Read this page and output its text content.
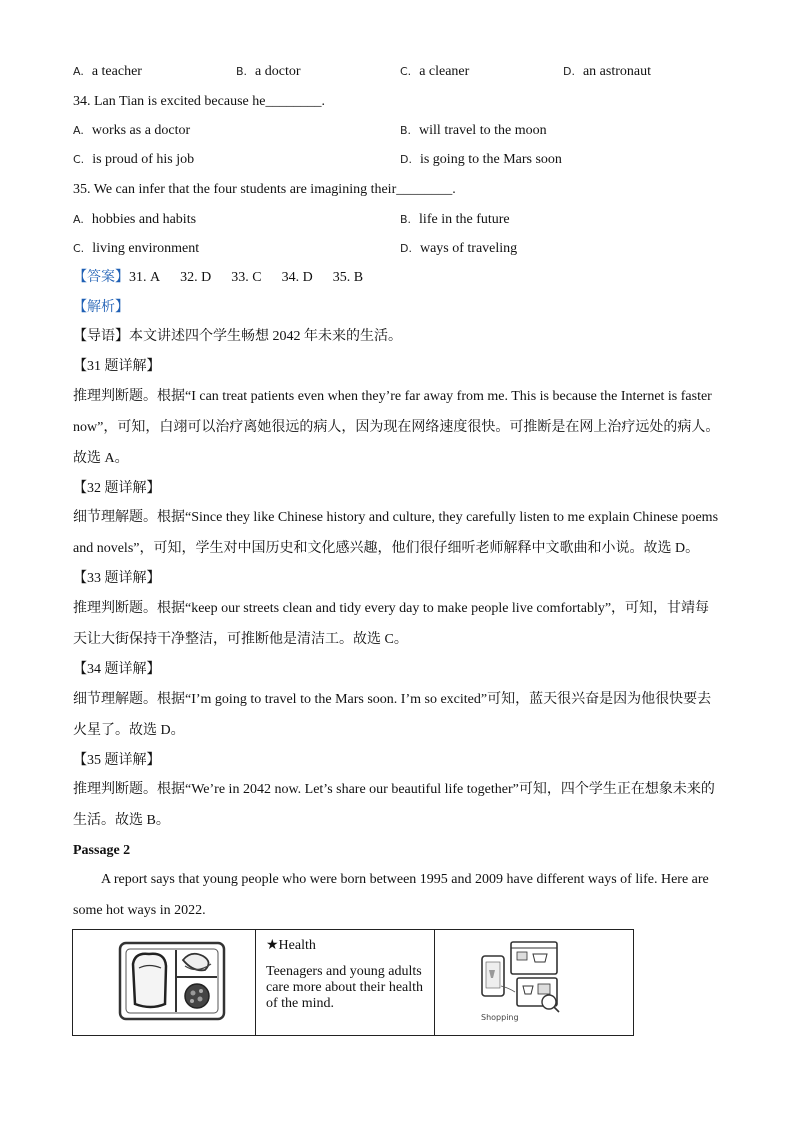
A. a teacher	B. a doctor	C. a cleaner	D. an astronaut
34. Lan Tian is excited because he________.
A. works as a doctor	B. will travel to the moon
C. is proud of his job	D. is going to the Mars soon
35. We can infer that the four students are imagining their________.
A. hobbies and habits	B. life in the future
C. living environment	D. ways of traveling
【答案】31. A 32. D 33. C 34. D 35. B
【解析】
【导语】本文讲述四个学生畅想 2042 年未来的生活。
【31 题详解】
推理判断题。根据“I can treat patients even when they’re far away from me. This is because the Internet is faster
now”，可知，白翊可以治疗离她很远的病人，因为现在网络速度很快。可推断是在网上治疗远处的病人。
故选 A。
【32 题详解】
细节理解题。根据“Since they like Chinese history and culture, they carefully listen to me explain Chinese poems
and novels”，可知，学生对中国历史和文化感兴趣，他们很仔细听老师解释中文歌曲和小说。故选 D。
【33 题详解】
推理判断题。根据“keep our streets clean and tidy every day to make people live comfortably”，可知，甘靖每
天让大街保持干净整洁，可推断他是清洁工。故选 C。
【34 题详解】
细节理解题。根据“I’m going to travel to the Mars soon. I’m so excited”可知，蓝天很兴奋是因为他很快要去
火星了。故选 D。
【35 题详解】
推理判断题。根据“We’re in 2042 now. Let’s share our beautiful life together”可知，四个学生正在想象未来的
生活。故选 B。
Passage 2
A report says that young people who were born between 1995 and 2009 have different ways of life. Here are
some hot ways in 2022.

★Health

Teenagers and young adults care more about their health of the mind.

Shopping
